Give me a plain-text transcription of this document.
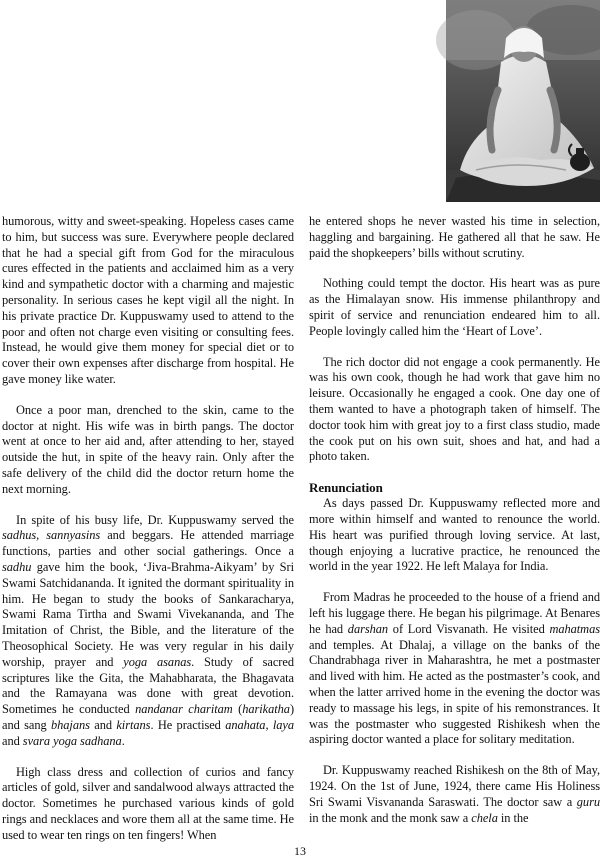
humorous, witty and sweet-speaking. Hopeless cases came to him, but success was sure. Everywhere people declared that he had a special gift from God for the miraculous cures effected in the patients and acclaimed him as a very kind and sympathetic doctor with a charming and majestic personality. In serious cases he kept vigil all the night. In his private practice Dr. Kuppuswamy used to attend to the poor and often not charge even visiting or consulting fees. Instead, he would give them money for special diet or to cover their own expenses after discharge from hospital. He gave money like water.

Once a poor man, drenched to the skin, came to the doctor at night. His wife was in birth pangs. The doctor went at once to her aid and, after attending to her, stayed outside the hut, in spite of the heavy rain. Only after the safe delivery of the child did the doctor return home the next morning.

In spite of his busy life, Dr. Kuppuswamy served the sadhus, sannyasins and beggars. He attended marriage functions, parties and other social gatherings. Once a sadhu gave him the book, ‘Jiva-Brahma-Aikyam’ by Sri Swami Satchidananda. It ignited the dormant spirituality in him. He began to study the books of Sankaracharya, Swami Rama Tirtha and Swami Vivekananda, and The Imitation of Christ, the Bible, and the literature of the Theosophical Society. He was very regular in his daily worship, prayer and yoga asanas. Study of sacred scriptures like the Gita, the Mahabharata, the Bhagavata and the Ramayana was done with great devotion. Sometimes he conducted nandanar charitam (harikatha) and sang bhajans and kirtans. He practised anahata, laya and svara yoga sadhana.

High class dress and collection of curios and fancy articles of gold, silver and sandalwood always attracted the doctor. Sometimes he purchased various kinds of gold rings and necklaces and wore them all at the same time. He used to wear ten rings on ten fingers! When

he entered shops he never wasted his time in selection, haggling and bargaining. He gathered all that he saw. He paid the shopkeepers’ bills without scrutiny.

Nothing could tempt the doctor. His heart was as pure as the Himalayan snow. His immense philanthropy and spirit of service and renunciation endeared him to all. People lovingly called him the ‘Heart of Love’.

The rich doctor did not engage a cook permanently. He was his own cook, though he had work that gave him no leisure. Occasionally he engaged a cook. One day one of them wanted to have a photograph taken of himself. The doctor took him with great joy to a first class studio, made the cook put on his own suit, shoes and hat, and had a photo taken.

Renunciation

As days passed Dr. Kuppuswamy reflected more and more within himself and wanted to renounce the world. His heart was purified through loving service. At last, though enjoying a lucrative practice, he renounced the world in the year 1922. He left Malaya for India.

From Madras he proceeded to the house of a friend and left his luggage there. He began his pilgrimage. At Benares he had darshan of Lord Visvanath. He visited mahatmas and temples. At Dhalaj, a village on the banks of the Chandrabhaga river in Maharashtra, he met a postmaster and lived with him. He acted as the postmaster’s cook, and when the latter arrived home in the evening the doctor was ready to massage his legs, in spite of his remonstrances. It was the postmaster who suggested Rishikesh when the aspiring doctor wanted a place for solitary meditation.

Dr. Kuppuswamy reached Rishikesh on the 8th of May, 1924. On the 1st of June, 1924, there came His Holiness Sri Swami Visvananda Saraswati. The doctor saw a guru in the monk and the monk saw a chela in the

13
